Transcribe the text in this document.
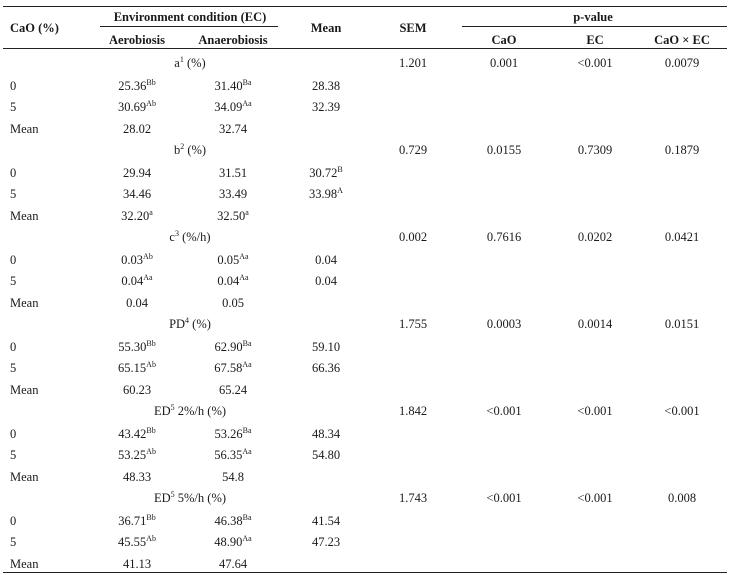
CaO (%)
Environment condition (EC)
Aerobiosis	Anaerobiosis
Mean	SEM
p-value
CaO	EC	CaO × EC
$a^1$ (%)	1.201	0.001	<0.001	0.0079
0	$25.36^{Bb}$	$31.40^{Ba}$	28.38
5	$30.69^{Ab}$	$34.09^{Aa}$	32.39
Mean	28.02	32.74
$b^2$ (%)	0.729	0.0155	0.7309	0.1879
0	29.94	31.51	$30.72^B$
5	34.46	33.49	$33.98^A$
Mean	32.20$^a$	32.50$^a$
$c^3$ (%/h)	0.002	0.7616	0.0202	0.0421
0	$0.03^{Ab}$	$0.05^{Aa}$	0.04
5	$0.04^{Aa}$	$0.04^{Aa}$	0.04
Mean	0.04	0.05
$PD^4$ (%)	1.755	0.0003	0.0014	0.0151
0	$55.30^{Bb}$	$62.90^{Ba}$	59.10
5	$65.15^{Ab}$	$67.58^{Aa}$	66.36
Mean	60.23	65.24
$ED^5$ 2%/h (%)	1.842	<0.001	<0.001	<0.001
0	$43.42^{Bb}$	$53.26^{Ba}$	48.34
5	$53.25^{Ab}$	$56.35^{Aa}$	54.80
Mean	48.33	54.8
$ED^5$ 5%/h (%)	1.743	<0.001	<0.001	0.008
0	$36.71^{Bb}$	$46.38^{Ba}$	41.54
5	$45.55^{Ab}$	$48.90^{Aa}$	47.23
Mean	41.13	47.64
